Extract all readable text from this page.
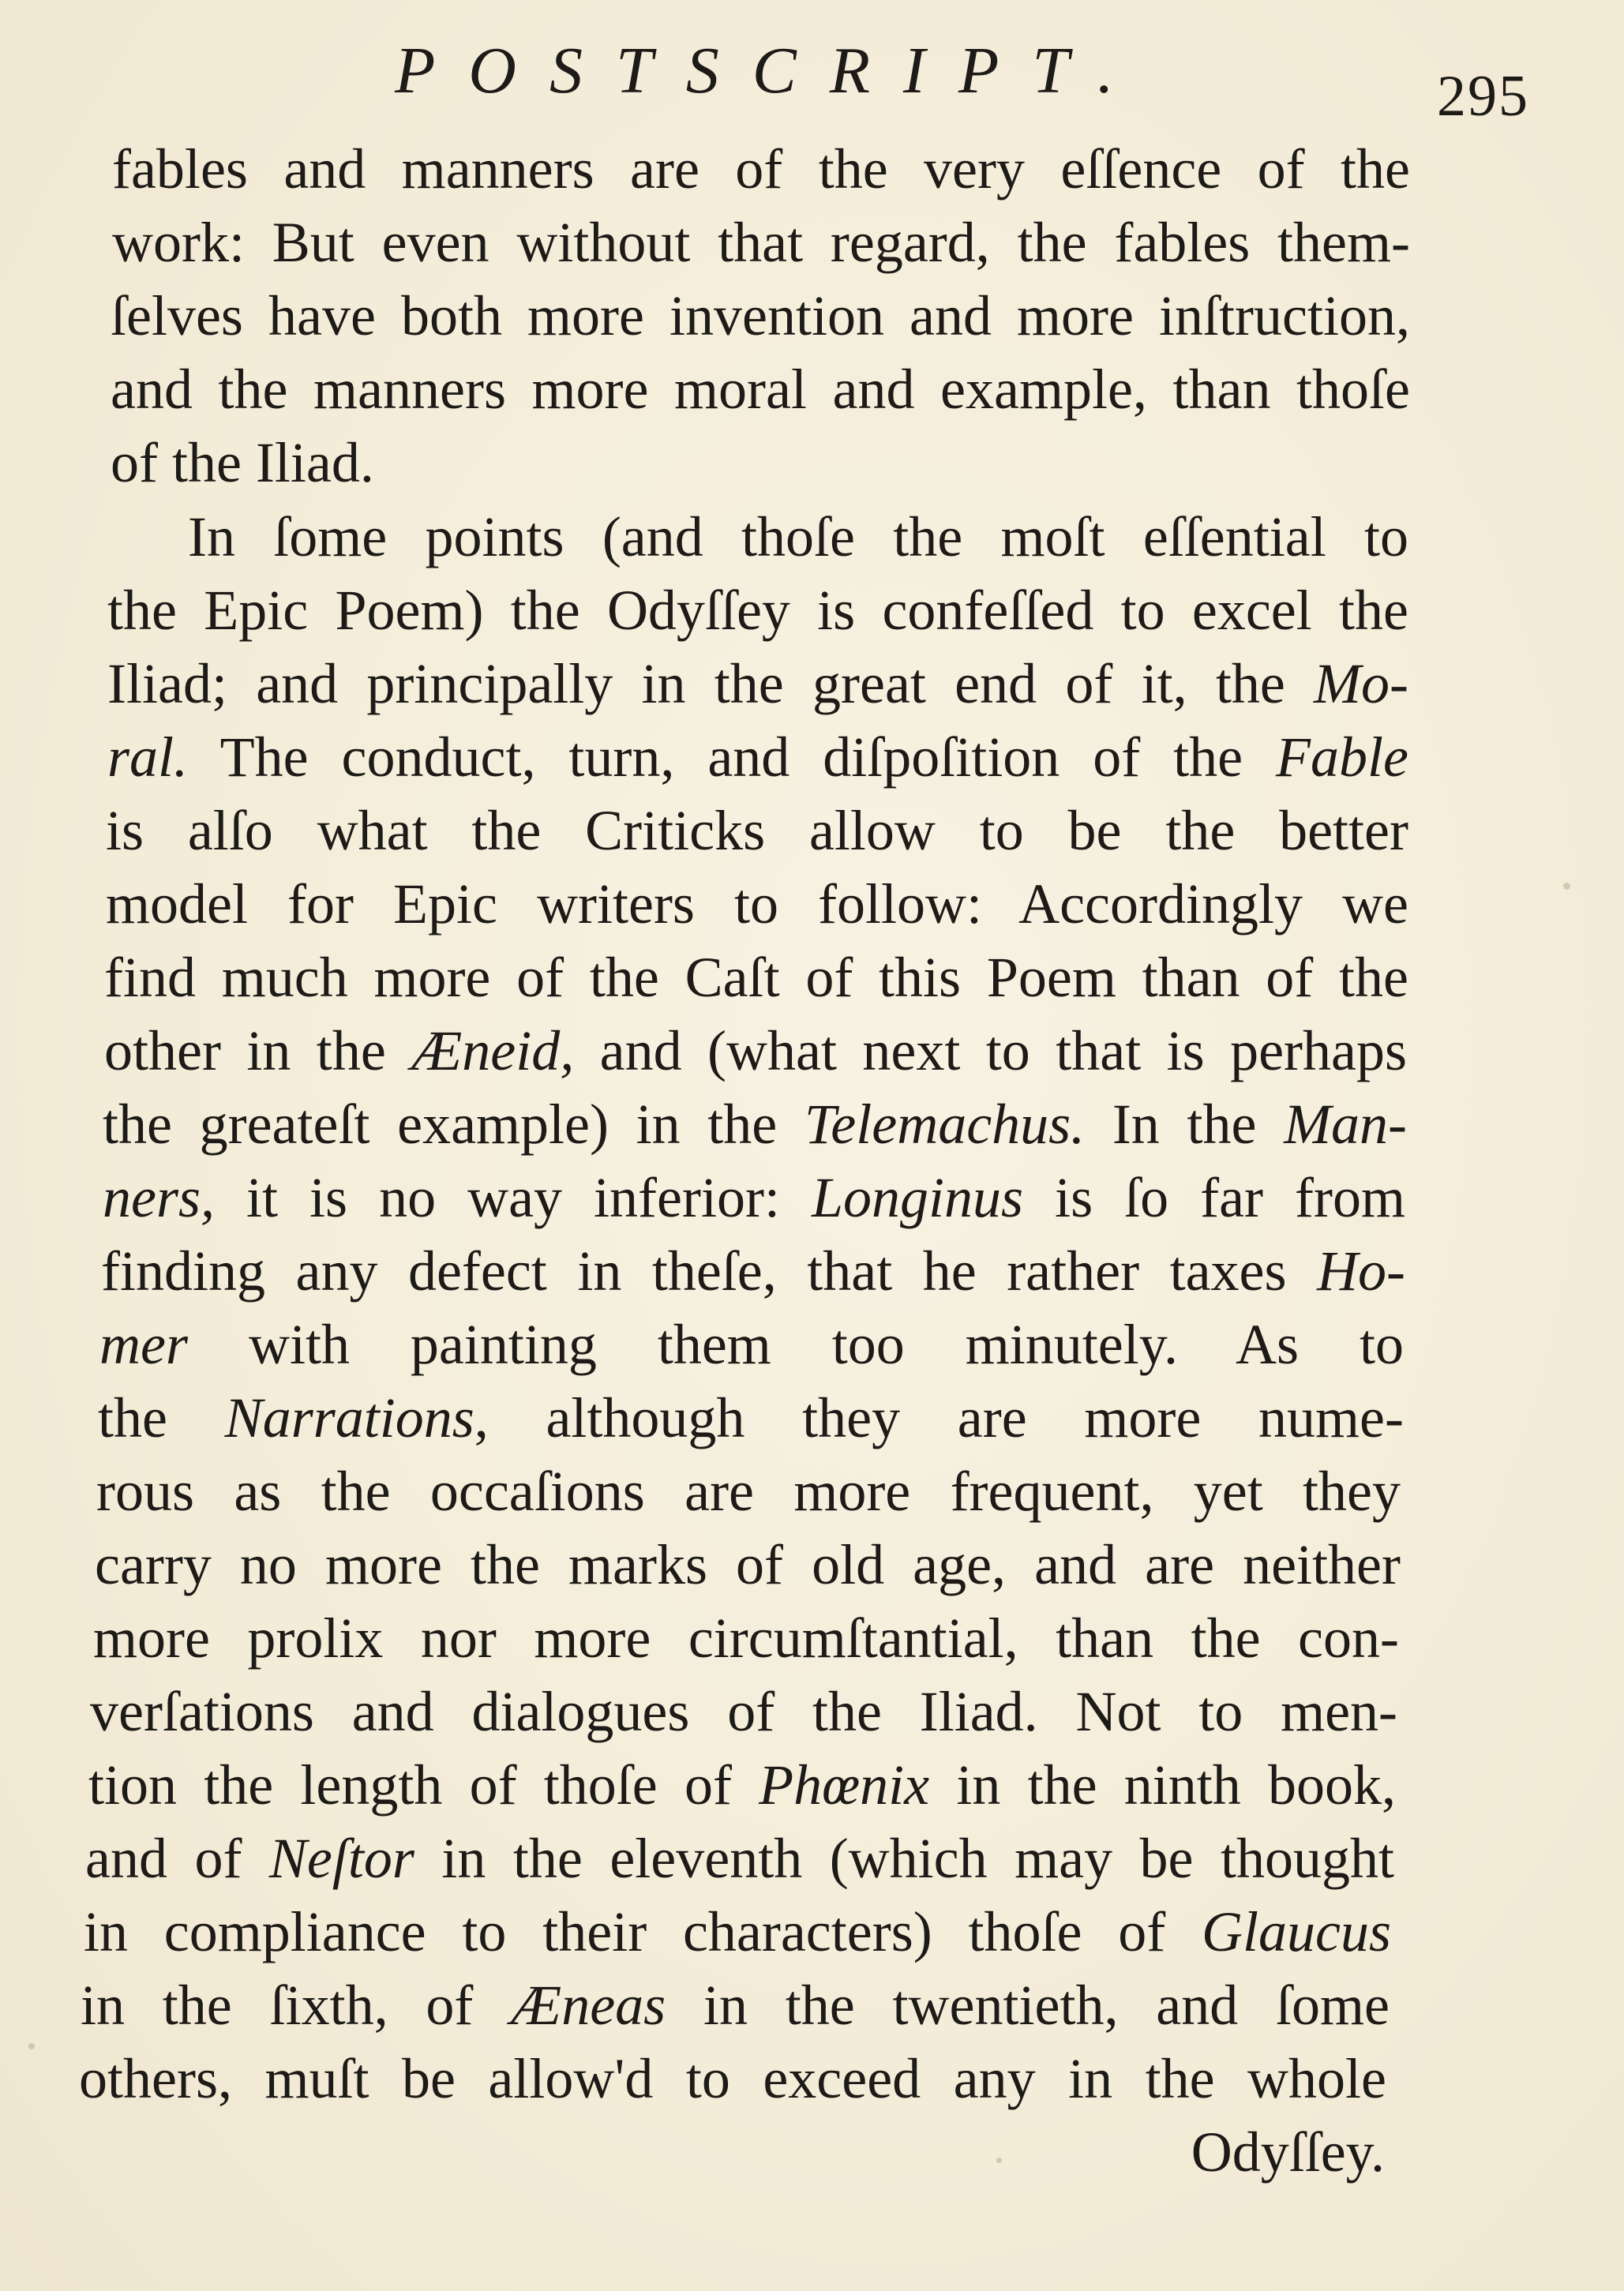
POSTSCRIPT.	295
fables and manners are of the very eſſence of the
work: But even without that regard, the fables them-
ſelves have both more invention and more inſtruction,
and the manners more moral and example, than thoſe
of the Iliad.
In ſome points (and thoſe the moſt eſſential to
the Epic Poem) the Odyſſey is confeſſed to excel the
Iliad; and principally in the great end of it, the Mo-
ral. The conduct, turn, and diſpoſition of the Fable
is alſo what the Criticks allow to be the better
model for Epic writers to follow: Accordingly we
find much more of the Caſt of this Poem than of the
other in the Æneid, and (what next to that is perhaps
the greateſt example) in the Telemachus. In the Man-
ners, it is no way inferior: Longinus is ſo far from
finding any defect in theſe, that he rather taxes Ho-
mer with painting them too minutely. As to
the Narrations, although they are more nume-
rous as the occaſions are more frequent, yet they
carry no more the marks of old age, and are neither
more prolix nor more circumſtantial, than the con-
verſations and dialogues of the Iliad. Not to men-
tion the length of thoſe of Phœnix in the ninth book,
and of Neſtor in the eleventh (which may be thought
in compliance to their characters) thoſe of Glaucus
in the ſixth, of Æneas in the twentieth, and ſome
others, muſt be allow'd to exceed any in the whole
Odyſſey.
